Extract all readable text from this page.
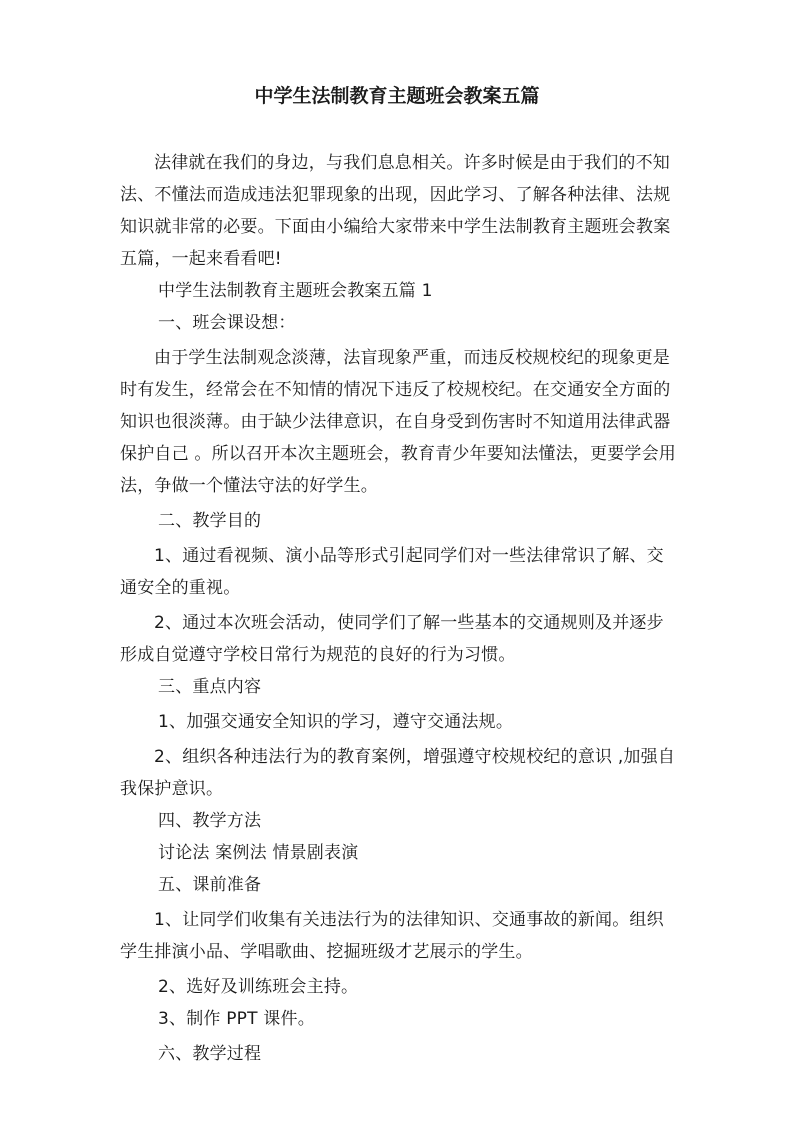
中学生法制教育主题班会教案五篇

法律就在我们的身边，与我们息息相关。许多时候是由于我们的不知法、不懂法而造成违法犯罪现象的出现，因此学习、了解各种法律、法规知识就非常的必要。下面由小编给大家带来中学生法制教育主题班会教案五篇，一起来看看吧!

中学生法制教育主题班会教案五篇 1

一、班会课设想：

由于学生法制观念淡薄，法盲现象严重，而违反校规校纪的现象更是时有发生，经常会在不知情的情况下违反了校规校纪。在交通安全方面的知识也很淡薄。由于缺少法律意识，在自身受到伤害时不知道用法律武器保护自己 。所以召开本次主题班会，教育青少年要知法懂法，更要学会用法，争做一个懂法守法的好学生。

二、教学目的

1、通过看视频、演小品等形式引起同学们对一些法律常识了解、交通安全的重视。

2、通过本次班会活动，使同学们了解一些基本的交通规则及并逐步形成自觉遵守学校日常行为规范的良好的行为习惯。

三、重点内容

1、加强交通安全知识的学习，遵守交通法规。

2、组织各种违法行为的教育案例，增强遵守校规校纪的意识 ,加强自我保护意识。

四、教学方法

讨论法 案例法 情景剧表演

五、课前准备

1、让同学们收集有关违法行为的法律知识、交通事故的新闻。组织学生排演小品、学唱歌曲、挖掘班级才艺展示的学生。

2、选好及训练班会主持。

3、制作 PPT 课件。

六、教学过程
